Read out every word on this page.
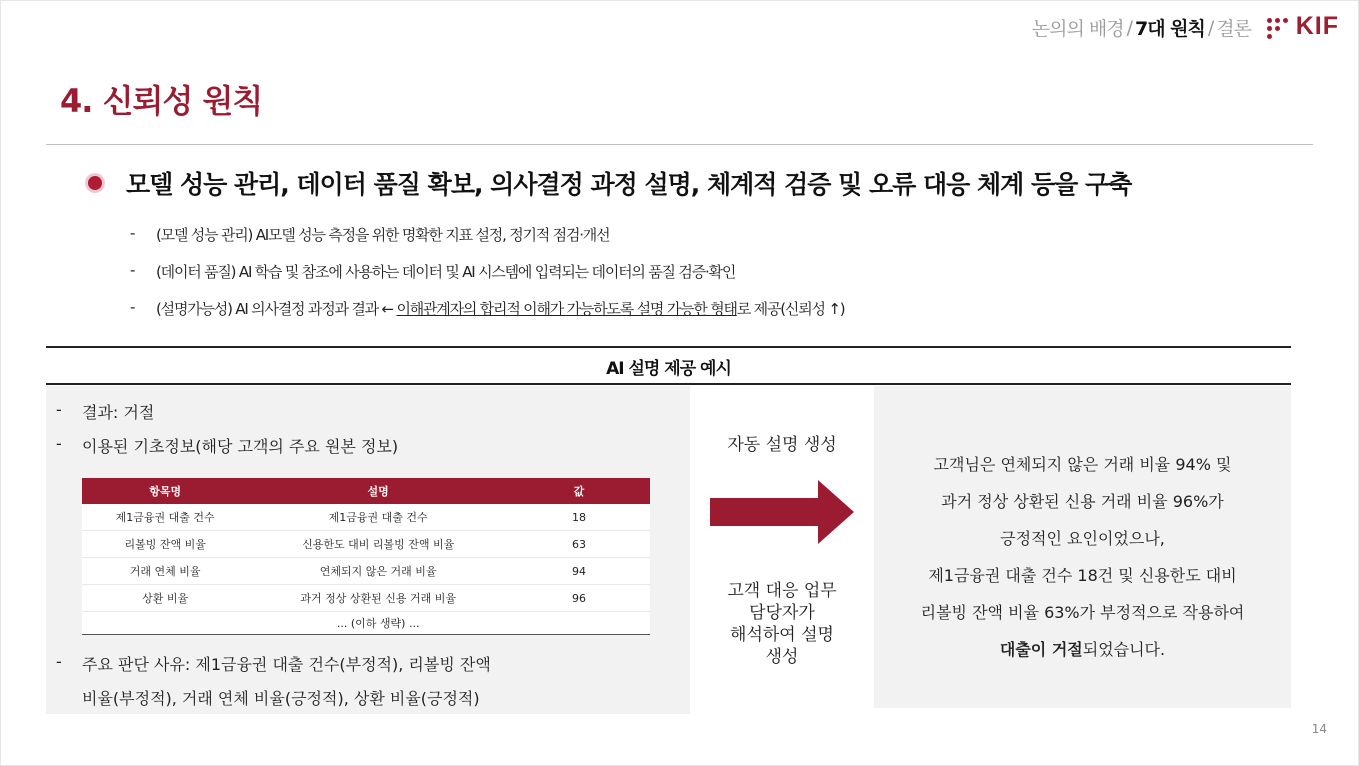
논의의 배경 / 7대 원칙 / 결론 KIF
4. 신뢰성 원칙
모델 성능 관리, 데이터 품질 확보, 의사결정 과정 설명, 체계적 검증 및 오류 대응 체계 등을 구축
-	(모델 성능 관리) AI모델 성능 측정을 위한 명확한 지표 설정, 정기적 점검·개선
-	(데이터 품질) AI 학습 및 참조에 사용하는 데이터 및 AI 시스템에 입력되는 데이터의 품질 검증·확인
-	(설명가능성) AI 의사결정 과정과 결과 ← 이해관계자의 합리적 이해가 가능하도록 설명 가능한 형태로 제공(신뢰성 ↑)
AI 설명 제공 예시
-	결과: 거절
-	이용된 기초정보(해당 고객의 주요 원본 정보)
항목명	설명	값
제1금융권 대출 건수	제1금융권 대출 건수	18
리볼빙 잔액 비율	신용한도 대비 리볼빙 잔액 비율	63
거래 연체 비율	연체되지 않은 거래 비율	94
상환 비율	과거 정상 상환된 신용 거래 비율	96
	... (이하 생략) ...	
-	주요 판단 사유: 제1금융권 대출 건수(부정적), 리볼빙 잔액
비율(부정적), 거래 연체 비율(긍정적), 상환 비율(긍정적)
자동 설명 생성
고객 대응 업무
담당자가
해석하여 설명
생성
고객님은 연체되지 않은 거래 비율 94% 및
과거 정상 상환된 신용 거래 비율 96%가
긍정적인 요인이었으나,
제1금융권 대출 건수 18건 및 신용한도 대비
리볼빙 잔액 비율 63%가 부정적으로 작용하여
대출이 거절되었습니다.
14
